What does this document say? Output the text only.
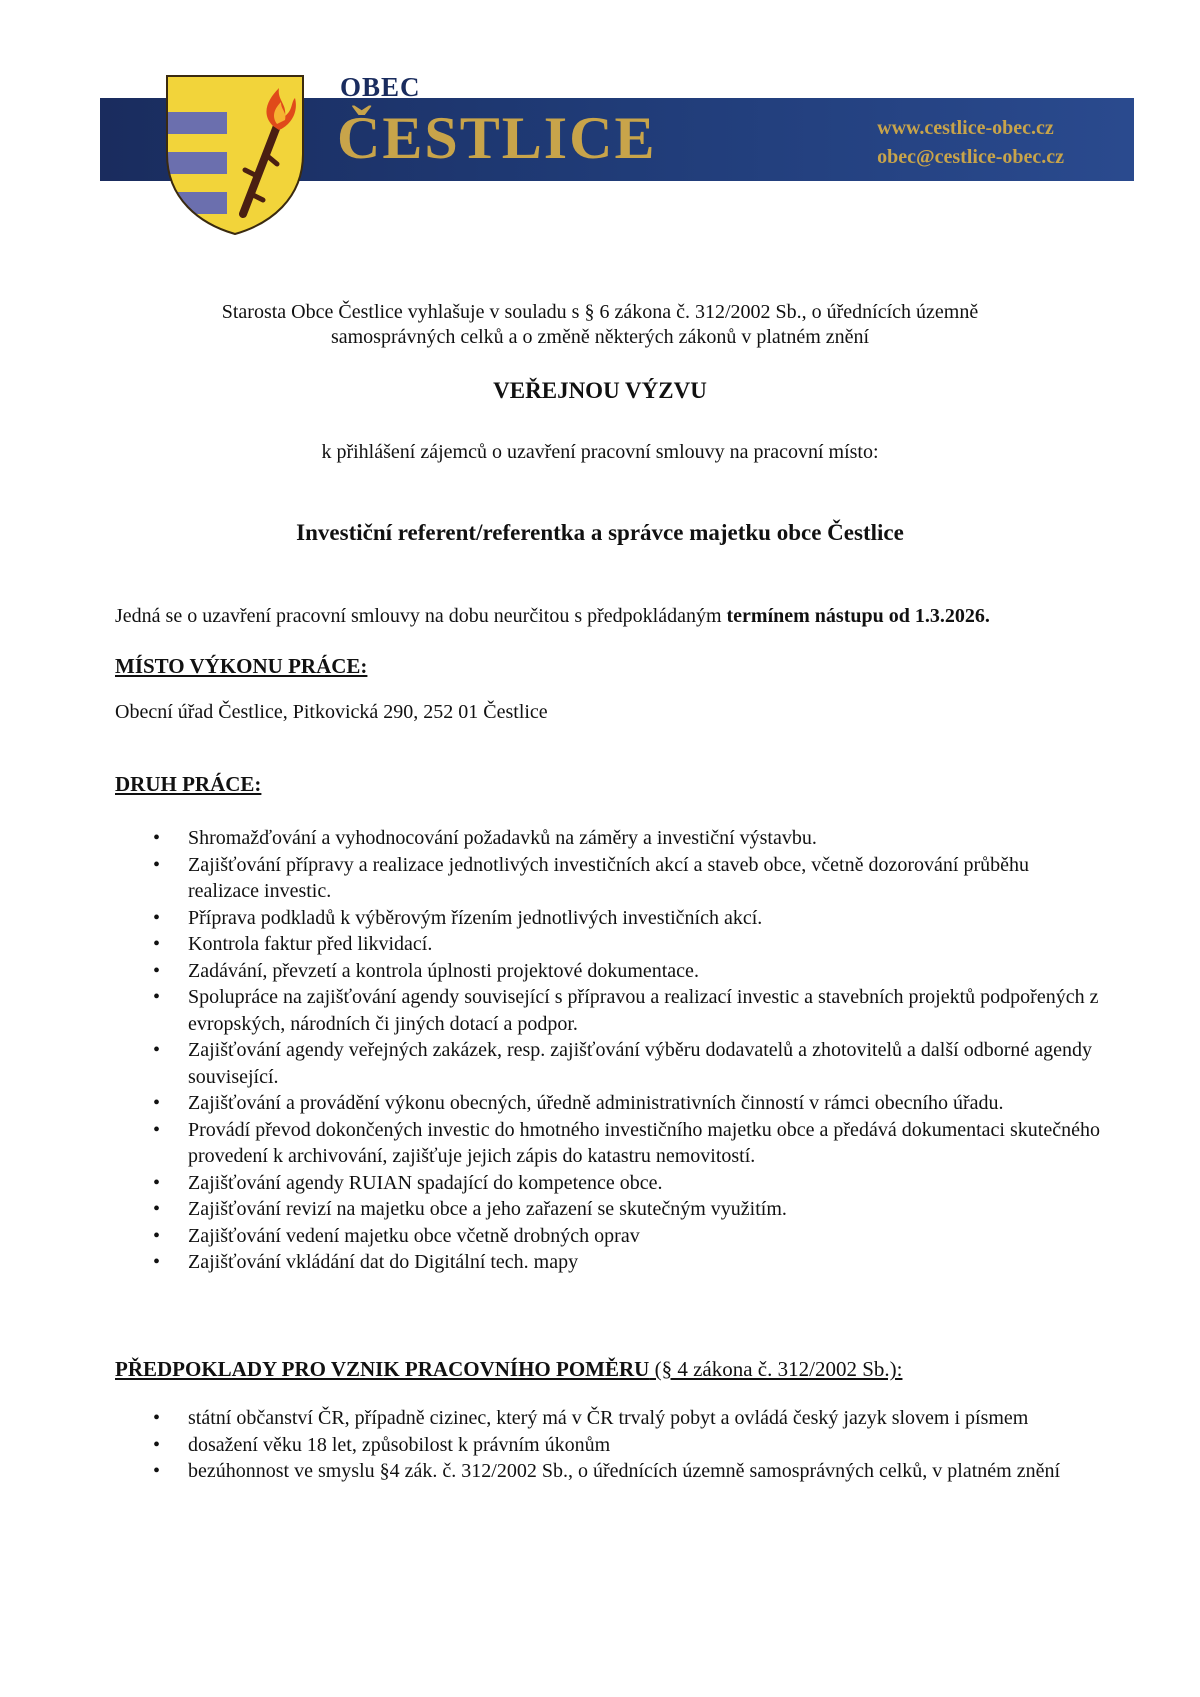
OBEC
ČESTLICE	www.cestlice-obec.cz
obec@cestlice-obec.cz
Starosta Obce Čestlice vyhlašuje v souladu s § 6 zákona č. 312/2002 Sb., o úřednících územně
samosprávných celků a o změně některých zákonů v platném znění
VEŘEJNOU VÝZVU
k přihlášení zájemců o uzavření pracovní smlouvy na pracovní místo:
Investiční referent/referentka a správce majetku obce Čestlice
Jedná se o uzavření pracovní smlouvy na dobu neurčitou s předpokládaným termínem nástupu od 1.3.2026.
MÍSTO VÝKONU PRÁCE:
Obecní úřad Čestlice, Pitkovická 290, 252 01 Čestlice
DRUH PRÁCE:
• Shromažďování a vyhodnocování požadavků na záměry a investiční výstavbu.
• Zajišťování přípravy a realizace jednotlivých investičních akcí a staveb obce, včetně dozorování průběhu realizace investic.
• Příprava podkladů k výběrovým řízením jednotlivých investičních akcí.
• Kontrola faktur před likvidací.
• Zadávání, převzetí a kontrola úplnosti projektové dokumentace.
• Spolupráce na zajišťování agendy související s přípravou a realizací investic a stavebních projektů podpořených z evropských, národních či jiných dotací a podpor.
• Zajišťování agendy veřejných zakázek, resp. zajišťování výběru dodavatelů a zhotovitelů a další odborné agendy související.
• Zajišťování a provádění výkonu obecných, úředně administrativních činností v rámci obecního úřadu.
• Provádí převod dokončených investic do hmotného investičního majetku obce a předává dokumentaci skutečného provedení k archivování, zajišťuje jejich zápis do katastru nemovitostí.
• Zajišťování agendy RUIAN spadající do kompetence obce.
• Zajišťování revizí na majetku obce a jeho zařazení se skutečným využitím.
• Zajišťování vedení majetku obce včetně drobných oprav
• Zajišťování vkládání dat do Digitální tech. mapy
PŘEDPOKLADY PRO VZNIK PRACOVNÍHO POMĚRU (§ 4 zákona č. 312/2002 Sb.):
• státní občanství ČR, případně cizinec, který má v ČR trvalý pobyt a ovládá český jazyk slovem i písmem
• dosažení věku 18 let, způsobilost k právním úkonům
• bezúhonnost ve smyslu §4 zák. č. 312/2002 Sb., o úřednících územně samosprávných celků, v platném znění
